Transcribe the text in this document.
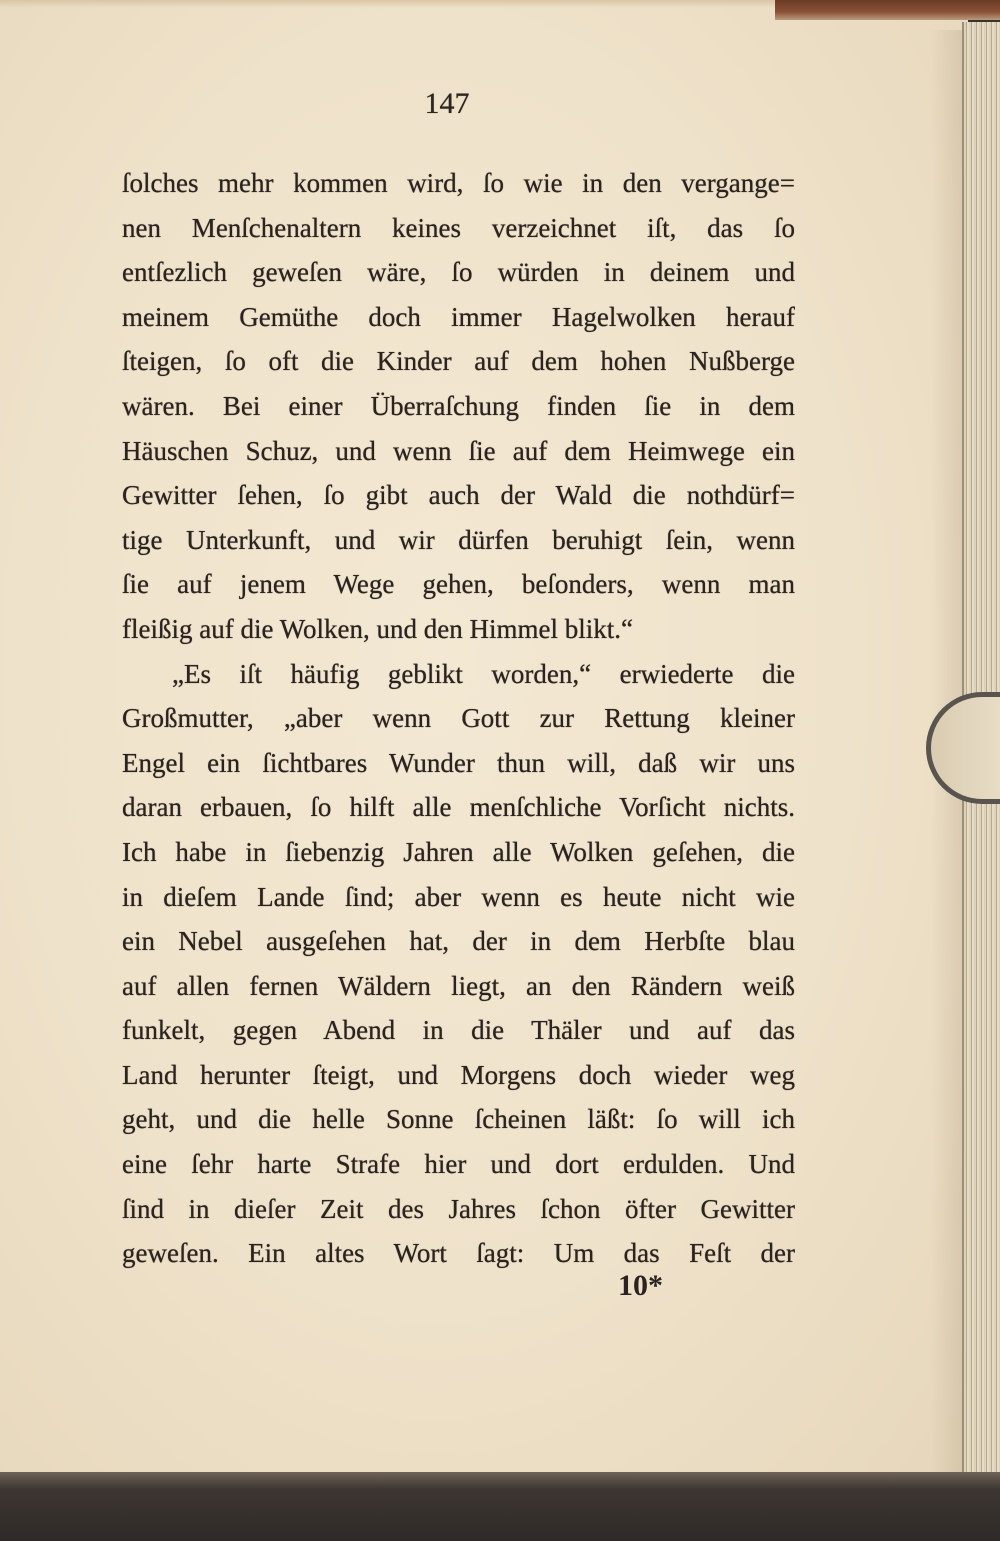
147
ſolches mehr kommen wird, ſo wie in den vergange=
nen Menſchenaltern keines verzeichnet iſt, das ſo
entſezlich geweſen wäre, ſo würden in deinem und
meinem Gemüthe doch immer Hagelwolken herauf
ſteigen, ſo oft die Kinder auf dem hohen Nußberge
wären. Bei einer Überraſchung finden ſie in dem
Häuschen Schuz, und wenn ſie auf dem Heimwege ein
Gewitter ſehen, ſo gibt auch der Wald die nothdürf=
tige Unterkunft, und wir dürfen beruhigt ſein, wenn
ſie auf jenem Wege gehen, beſonders, wenn man
fleißig auf die Wolken, und den Himmel blikt.“
„Es iſt häufig geblikt worden,“ erwiederte die
Großmutter, „aber wenn Gott zur Rettung kleiner
Engel ein ſichtbares Wunder thun will, daß wir uns
daran erbauen, ſo hilft alle menſchliche Vorſicht nichts.
Ich habe in ſiebenzig Jahren alle Wolken geſehen, die
in dieſem Lande ſind; aber wenn es heute nicht wie
ein Nebel ausgeſehen hat, der in dem Herbſte blau
auf allen fernen Wäldern liegt, an den Rändern weiß
funkelt, gegen Abend in die Thäler und auf das
Land herunter ſteigt, und Morgens doch wieder weg
geht, und die helle Sonne ſcheinen läßt: ſo will ich
eine ſehr harte Strafe hier und dort erdulden. Und
ſind in dieſer Zeit des Jahres ſchon öfter Gewitter
geweſen. Ein altes Wort ſagt: Um das Feſt der
10*
